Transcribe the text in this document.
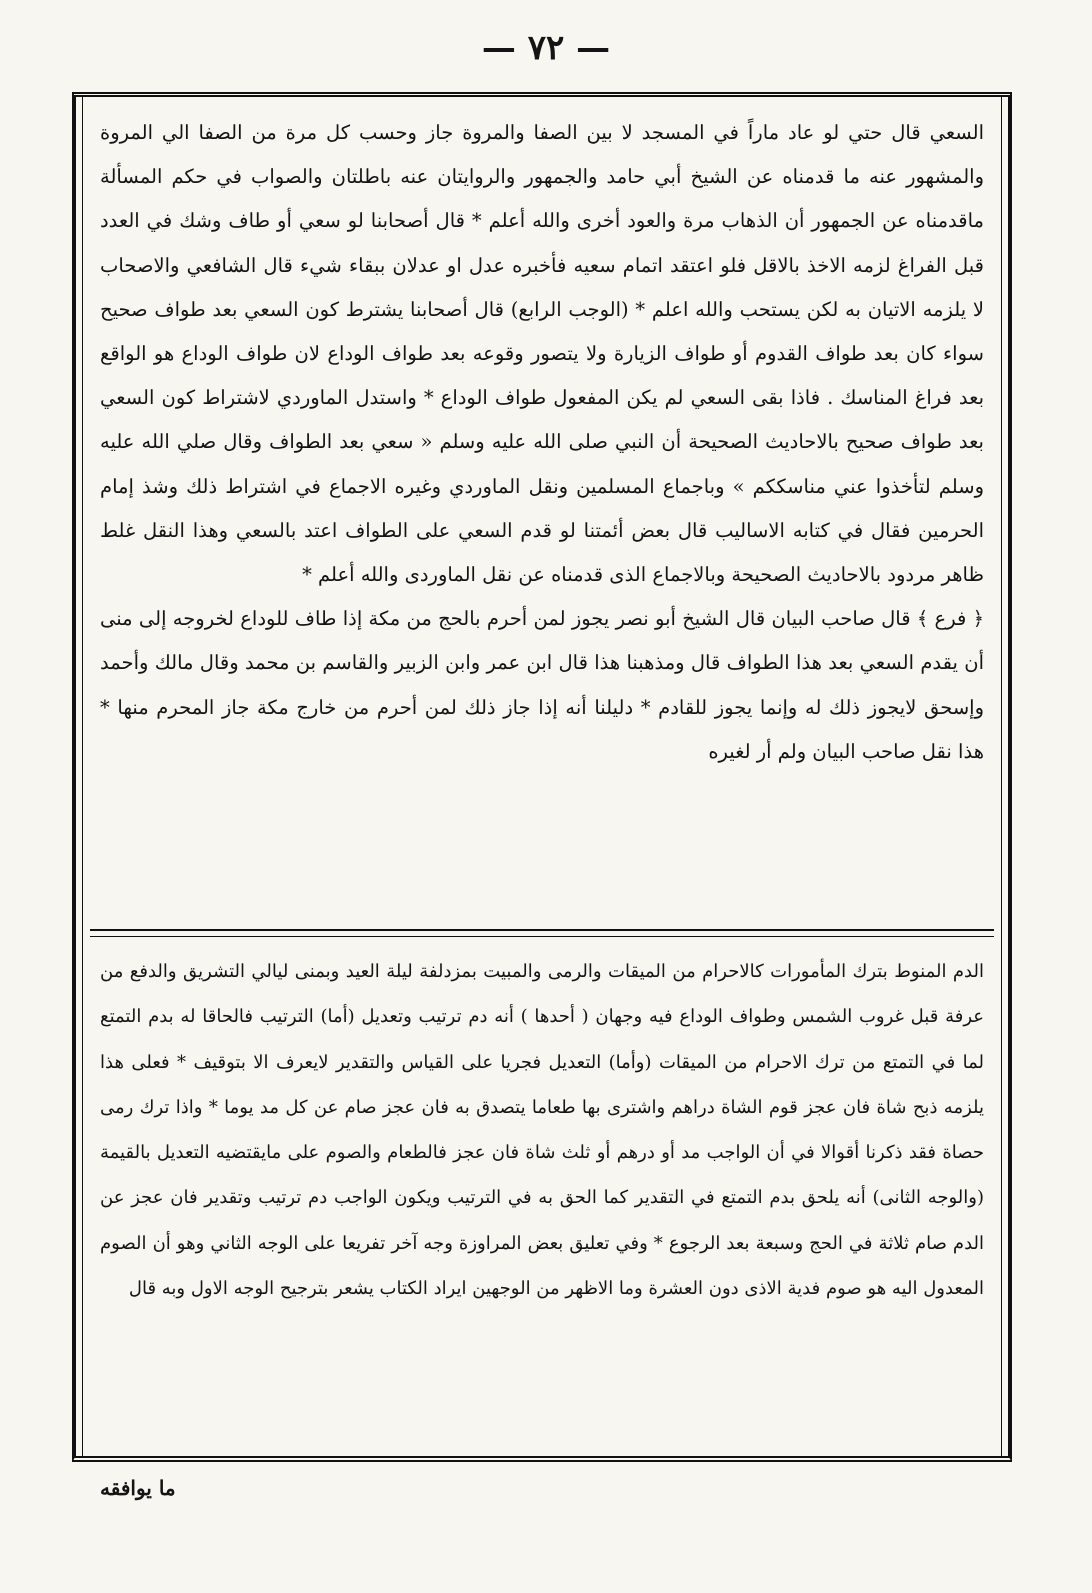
— ٧٢ —

السعي قال حتي لو عاد ماراً في المسجد لا بين الصفا والمروة جاز وحسب كل مرة من الصفا الي المروة والمشهور عنه ما قدمناه عن الشيخ أبي حامد والجمهور والروايتان عنه باطلتان والصواب في حكم المسألة ماقدمناه عن الجمهور أن الذهاب مرة والعود أخرى والله أعلم * قال أصحابنا لو سعي أو طاف وشك في العدد قبل الفراغ لزمه الاخذ بالاقل فلو اعتقد اتمام سعيه فأخبره عدل او عدلان ببقاء شيء قال الشافعي والاصحاب لا يلزمه الاتيان به لكن يستحب والله اعلم * (الوجب الرابع) قال أصحابنا يشترط كون السعي بعد طواف صحيح سواء كان بعد طواف القدوم أو طواف الزيارة ولا يتصور وقوعه بعد طواف الوداع لان طواف الوداع هو الواقع بعد فراغ المناسك . فاذا بقى السعي لم يكن المفعول طواف الوداع * واستدل الماوردي لاشتراط كون السعي بعد طواف صحيح بالاحاديث الصحيحة أن النبي صلى الله عليه وسلم « سعي بعد الطواف وقال صلي الله عليه وسلم لتأخذوا عني مناسككم » وباجماع المسلمين ونقل الماوردي وغيره الاجماع في اشتراط ذلك وشذ إمام الحرمين فقال في كتابه الاساليب قال بعض أئمتنا لو قدم السعي على الطواف اعتد بالسعي وهذا النقل غلط ظاهر مردود بالاحاديث الصحيحة وبالاجماع الذى قدمناه عن نقل الماوردى والله أعلم *

﴿ فرع ﴾ قال صاحب البيان قال الشيخ أبو نصر يجوز لمن أحرم بالحج من مكة إذا طاف للوداع لخروجه إلى منى أن يقدم السعي بعد هذا الطواف قال ومذهبنا هذا قال ابن عمر وابن الزبير والقاسم بن محمد وقال مالك وأحمد وإسحق لايجوز ذلك له وإنما يجوز للقادم * دليلنا أنه إذا جاز ذلك لمن أحرم من خارج مكة جاز المحرم منها * هذا نقل صاحب البيان ولم أر لغيره

الدم المنوط بترك المأمورات كالاحرام من الميقات والرمى والمبيت بمزدلفة ليلة العيد وبمنى ليالي التشريق والدفع من عرفة قبل غروب الشمس وطواف الوداع فيه وجهان ( أحدها ) أنه دم ترتيب وتعديل (أما) الترتيب فالحاقا له بدم التمتع لما في التمتع من ترك الاحرام من الميقات (وأما) التعديل فجريا على القياس والتقدير لايعرف الا بتوقيف * فعلى هذا يلزمه ذبح شاة فان عجز قوم الشاة دراهم واشترى بها طعاما يتصدق به فان عجز صام عن كل مد يوما * واذا ترك رمى حصاة فقد ذكرنا أقوالا في أن الواجب مد أو درهم أو ثلث شاة فان عجز فالطعام والصوم على مايقتضيه التعديل بالقيمة (والوجه الثانى) أنه يلحق بدم التمتع في التقدير كما الحق به في الترتيب ويكون الواجب دم ترتيب وتقدير فان عجز عن الدم صام ثلاثة في الحج وسبعة بعد الرجوع * وفي تعليق بعض المراوزة وجه آخر تفريعا على الوجه الثاني وهو أن الصوم المعدول اليه هو صوم فدية الاذى دون العشرة وما الاظهر من الوجهين ايراد الكتاب يشعر بترجيح الوجه الاول وبه قال

ما يوافقه
